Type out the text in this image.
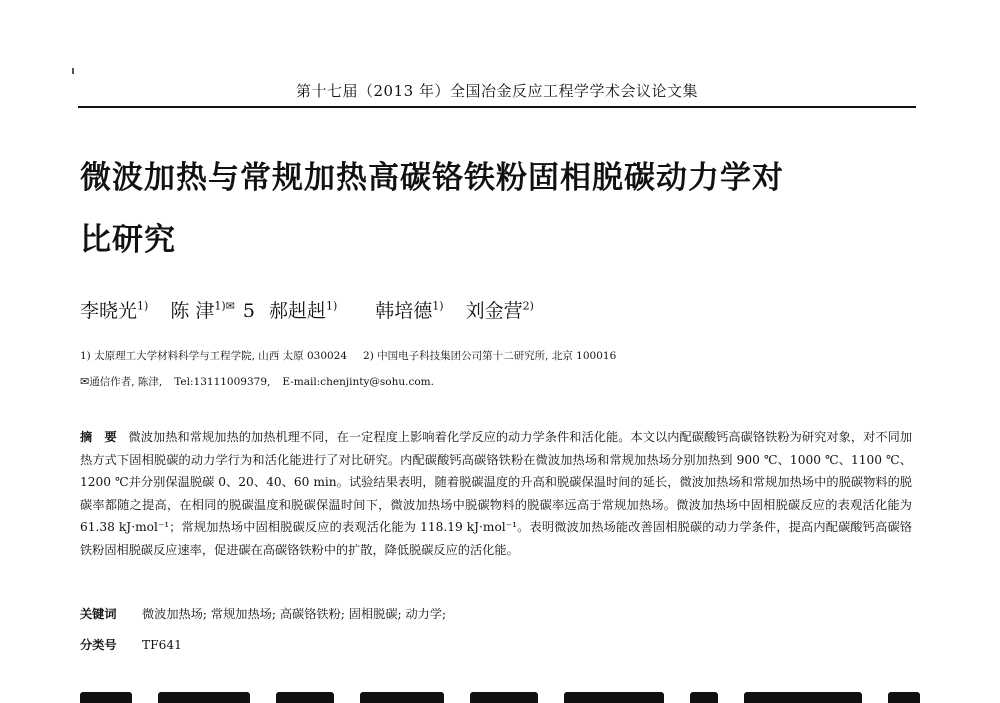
第十七届（2013 年）全国冶金反应工程学学术会议论文集
微波加热与常规加热高碳铬铁粉固相脱碳动力学对
比研究
李晓光$^{1)}$ 陈 津$^{1)✉}$ 5 郝赳赳$^{1)}$ 韩培德$^{1)}$ 刘金营$^{2)}$
1) 太原理工大学材料科学与工程学院, 山西 太原 030024 2) 中国电子科技集团公司第十二研究所, 北京 100016
✉通信作者, 陈津, Tel:13111009379, E-mail:chenjinty@sohu.com.
摘　要 微波加热和常规加热的加热机理不同，在一定程度上影响着化学反应的动力学条件和活化能。本文以内配碳酸钙高碳铬铁粉为研究对象，对不同加热方式下固相脱碳的动力学行为和活化能进行了对比研究。内配碳酸钙高碳铬铁粉在微波加热场和常规加热场分别加热到 900 ℃、1000 ℃、1100 ℃、1200 ℃并分别保温脱碳 0、20、40、60 min。试验结果表明，随着脱碳温度的升高和脱碳保温时间的延长，微波加热场和常规加热场中的脱碳物料的脱碳率都随之提高，在相同的脱碳温度和脱碳保温时间下，微波加热场中脱碳物料的脱碳率远高于常规加热场。微波加热场中固相脱碳反应的表观活化能为 61.38 kJ·mol⁻¹；常规加热场中固相脱碳反应的表观活化能为 118.19 kJ·mol⁻¹。表明微波加热场能改善固相脱碳的动力学条件，提高内配碳酸钙高碳铬铁粉固相脱碳反应速率，促进碳在高碳铬铁粉中的扩散，降低脱碳反应的活化能。
关键词 微波加热场; 常规加热场; 高碳铬铁粉; 固相脱碳; 动力学;
分类号 TF641
